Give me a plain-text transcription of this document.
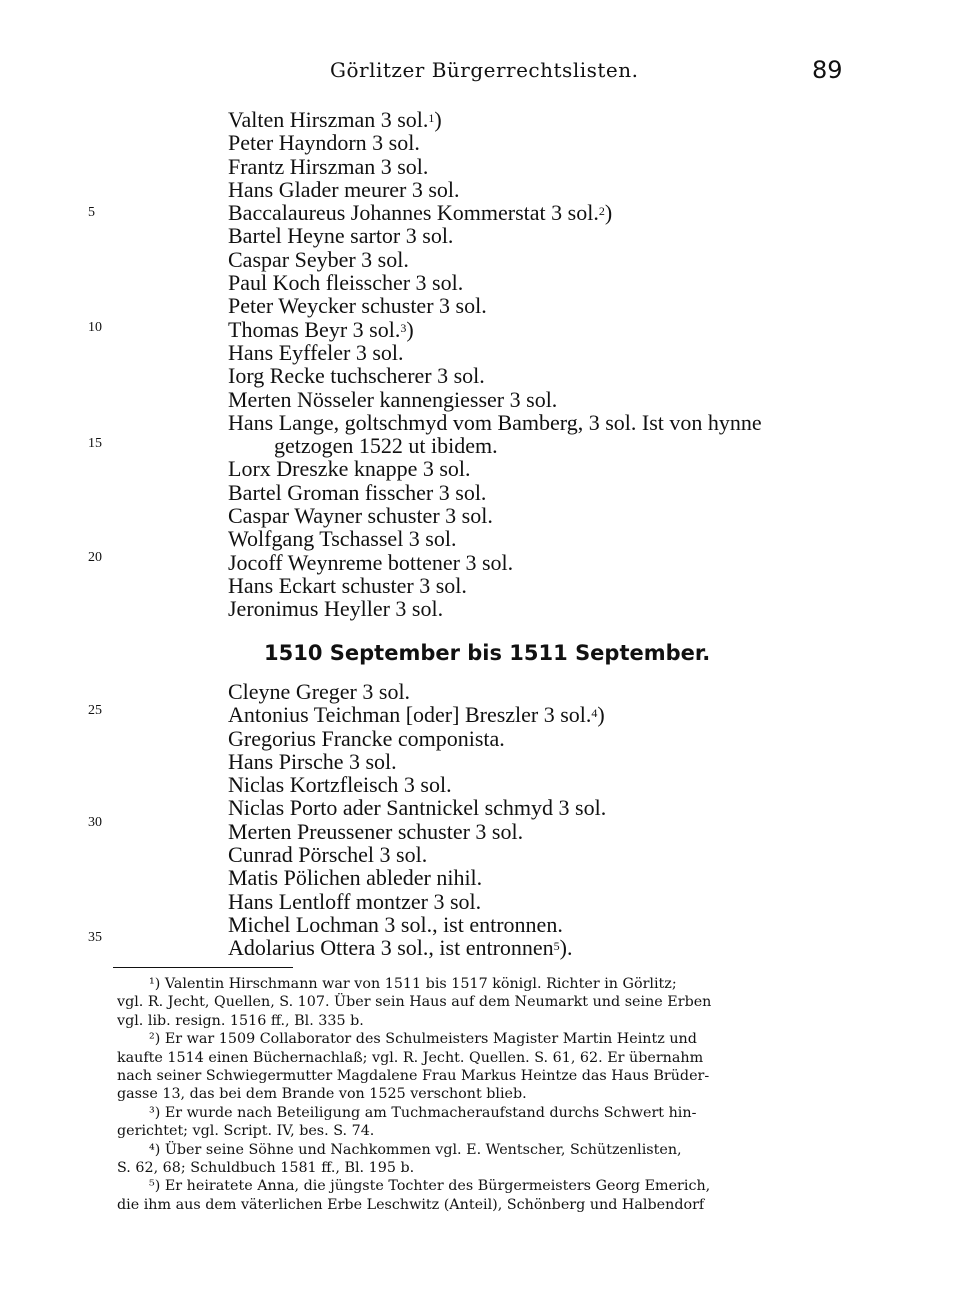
Görlitzer Bürgerrechtslisten.	89
5
10
15
20
25
30
35
Valten Hirszman 3 sol.$^1$)
Peter Hayndorn 3 sol.
Frantz Hirszman 3 sol.
Hans Glader meurer 3 sol.
Baccalaureus Johannes Kommerstat 3 sol.$^2$)
Bartel Heyne sartor 3 sol.
Caspar Seyber 3 sol.
Paul Koch fleisscher 3 sol.
Peter Weycker schuster 3 sol.
Thomas Beyr 3 sol.$^3$)
Hans Eyffeler 3 sol.
Iorg Recke tuchscherer 3 sol.
Merten Nösseler kannengiesser 3 sol.
Hans Lange, goltschmyd vom Bamberg, 3 sol. Ist von hynne
getzogen 1522 ut ibidem.
Lorx Dreszke knappe 3 sol.
Bartel Groman fisscher 3 sol.
Caspar Wayner schuster 3 sol.
Wolfgang Tschassel 3 sol.
Jocoff Weynreme bottener 3 sol.
Hans Eckart schuster 3 sol.
Jeronimus Heyller 3 sol.
1510 September bis 1511 September.
Cleyne Greger 3 sol.
Antonius Teichman [oder] Breszler 3 sol.$^4$)
Gregorius Francke componista.
Hans Pirsche 3 sol.
Niclas Kortzfleisch 3 sol.
Niclas Porto ader Santnickel schmyd 3 sol.
Merten Preussener schuster 3 sol.
Cunrad Pörschel 3 sol.
Matis Pölichen ableder nihil.
Hans Lentloff montzer 3 sol.
Michel Lochman 3 sol., ist entronnen.
Adolarius Ottera 3 sol., ist entronnen$^5$).
¹) Valentin Hirschmann war von 1511 bis 1517 königl. Richter in Görlitz;
vgl. R. Jecht, Quellen, S. 107. Über sein Haus auf dem Neumarkt und seine Erben
vgl. lib. resign. 1516 ff., Bl. 335 b.
²) Er war 1509 Collaborator des Schulmeisters Magister Martin Heintz und
kaufte 1514 einen Büchernachlaß; vgl. R. Jecht. Quellen. S. 61, 62. Er übernahm
nach seiner Schwiegermutter Magdalene Frau Markus Heintze das Haus Brüder-
gasse 13, das bei dem Brande von 1525 verschont blieb.
³) Er wurde nach Beteiligung am Tuchmacheraufstand durchs Schwert hin-
gerichtet; vgl. Script. IV, bes. S. 74.
⁴) Über seine Söhne und Nachkommen vgl. E. Wentscher, Schützenlisten,
S. 62, 68; Schuldbuch 1581 ff., Bl. 195 b.
⁵) Er heiratete Anna, die jüngste Tochter des Bürgermeisters Georg Emerich,
die ihm aus dem väterlichen Erbe Leschwitz (Anteil), Schönberg und Halbendorf
